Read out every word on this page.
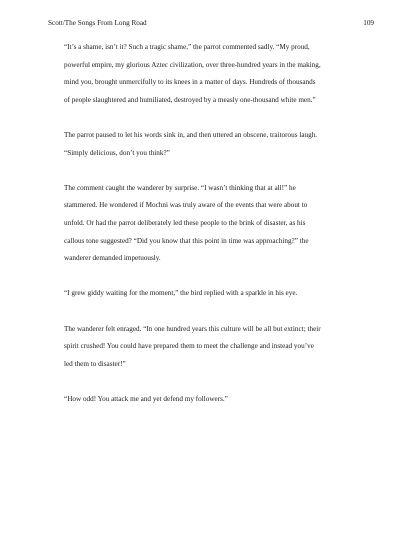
Scott/The Songs From Long Road	109

“It’s a shame, isn’t it? Such a tragic shame,” the parrot commented sadly. “My proud,
powerful empire, my glorious Aztec civilization, over three-hundred years in the making,
mind you, brought unmercifully to its knees in a matter of days. Hundreds of thousands
of people slaughtered and humiliated, destroyed by a measly one-thousand white men.”

The parrot paused to let his words sink in, and then uttered an obscene, traitorous laugh.
“Simply delicious, don’t you think?”

The comment caught the wanderer by surprise. “I wasn’t thinking that at all!” he
stammered. He wondered if Mochni was truly aware of the events that were about to
unfold. Or had the parrot deliberately led these people to the brink of disaster, as his
callous tone suggested? “Did you know that this point in time was approaching?” the
wanderer demanded impetuously.

“I grew giddy waiting for the moment,” the bird replied with a sparkle in his eye.

The wanderer felt enraged. “In one hundred years this culture will be all but extinct; their
spirit crushed! You could have prepared them to meet the challenge and instead you’ve
led them to disaster!”

“How odd! You attack me and yet defend my followers.”
